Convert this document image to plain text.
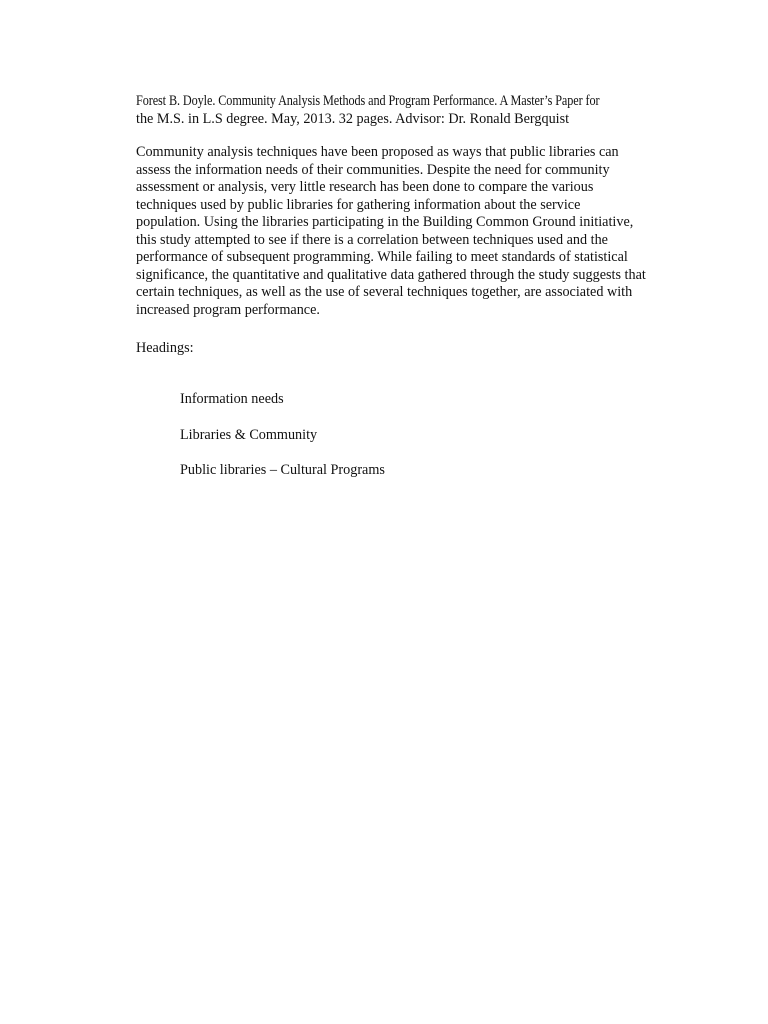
Forest B. Doyle. Community Analysis Methods and Program Performance. A Master’s Paper for
the M.S. in L.S degree. May, 2013. 32 pages. Advisor: Dr. Ronald Bergquist
Community analysis techniques have been proposed as ways that public libraries can
assess the information needs of their communities. Despite the need for community
assessment or analysis, very little research has been done to compare the various
techniques used by public libraries for gathering information about the service
population. Using the libraries participating in the Building Common Ground initiative,
this study attempted to see if there is a correlation between techniques used and the
performance of subsequent programming. While failing to meet standards of statistical
significance, the quantitative and qualitative data gathered through the study suggests that
certain techniques, as well as the use of several techniques together, are associated with
increased program performance.
Headings:
Information needs
Libraries & Community
Public libraries – Cultural Programs
